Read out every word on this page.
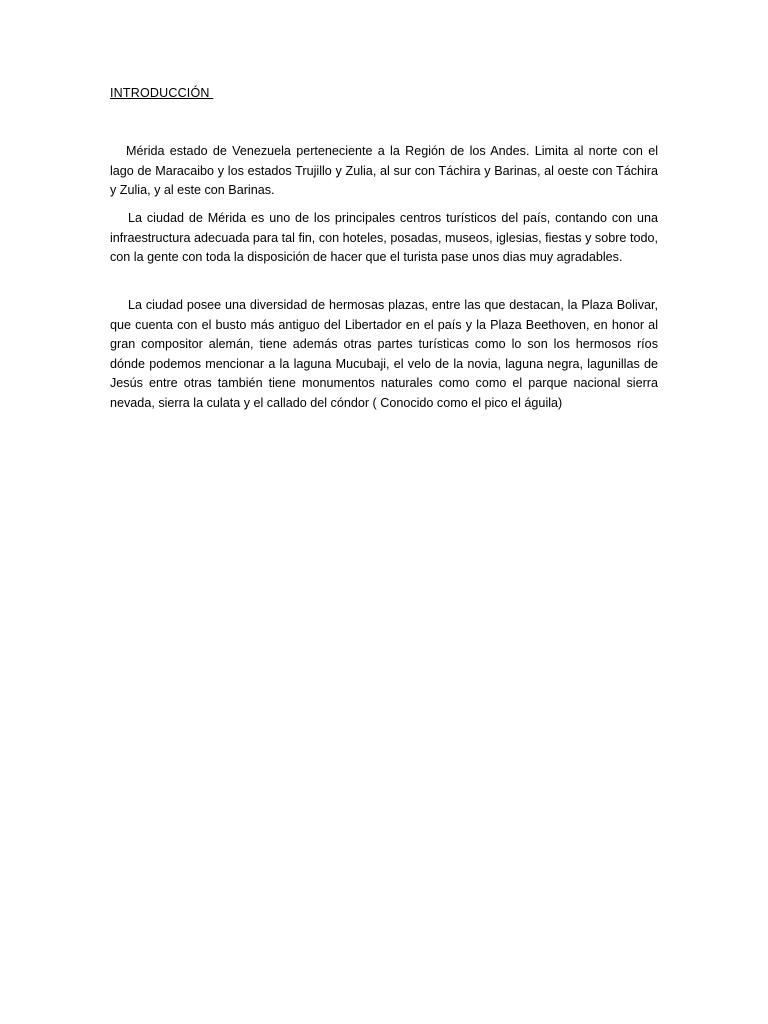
INTRODUCCIÓN

Mérida estado de Venezuela perteneciente a la Región de los Andes. Limita al norte con el lago de Maracaibo y los estados Trujillo y Zulia, al sur con Táchira y Barinas, al oeste con Táchira y Zulia, y al este con Barinas.

La ciudad de Mérida es uno de los principales centros turísticos del país, contando con una infraestructura adecuada para tal fin, con hoteles, posadas, museos, iglesias, fiestas y sobre todo, con la gente con toda la disposición de hacer que el turista pase unos dias muy agradables.

La ciudad posee una diversidad de hermosas plazas, entre las que destacan, la Plaza Bolivar, que cuenta con el busto más antiguo del Libertador en el país y la Plaza Beethoven, en honor al gran compositor alemán, tiene además otras partes turísticas como lo son los hermosos ríos dónde podemos mencionar a la laguna Mucubaji, el velo de la novia, laguna negra, lagunillas de Jesús entre otras también tiene monumentos naturales como como el parque nacional sierra nevada, sierra la culata y el callado del cóndor ( Conocido como el pico el águila)
